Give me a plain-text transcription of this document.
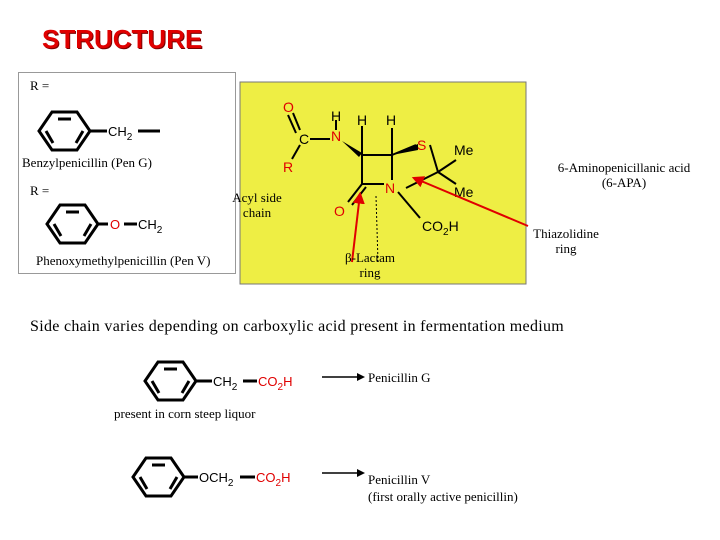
STRUCTURE
R =
Benzylpenicillin (Pen G)
R =
Phenoxymethylpenicillin (Pen V)
$CH_2$
O $CH_2$
O
C
R
H
N
H H
S Me
N	Me
O
$CO_2H$
Acyl side
chain
β-Lactam
ring
6-Aminopenicillanic acid
(6-APA)
Thiazolidine
ring
Side chain varies depending on carboxylic acid present in fermentation medium
$CH_2$ $CO_2H$
$OCH_2$ $CO_2H$
Penicillin G
present in corn steep liquor
Penicillin V
(first orally active penicillin)
